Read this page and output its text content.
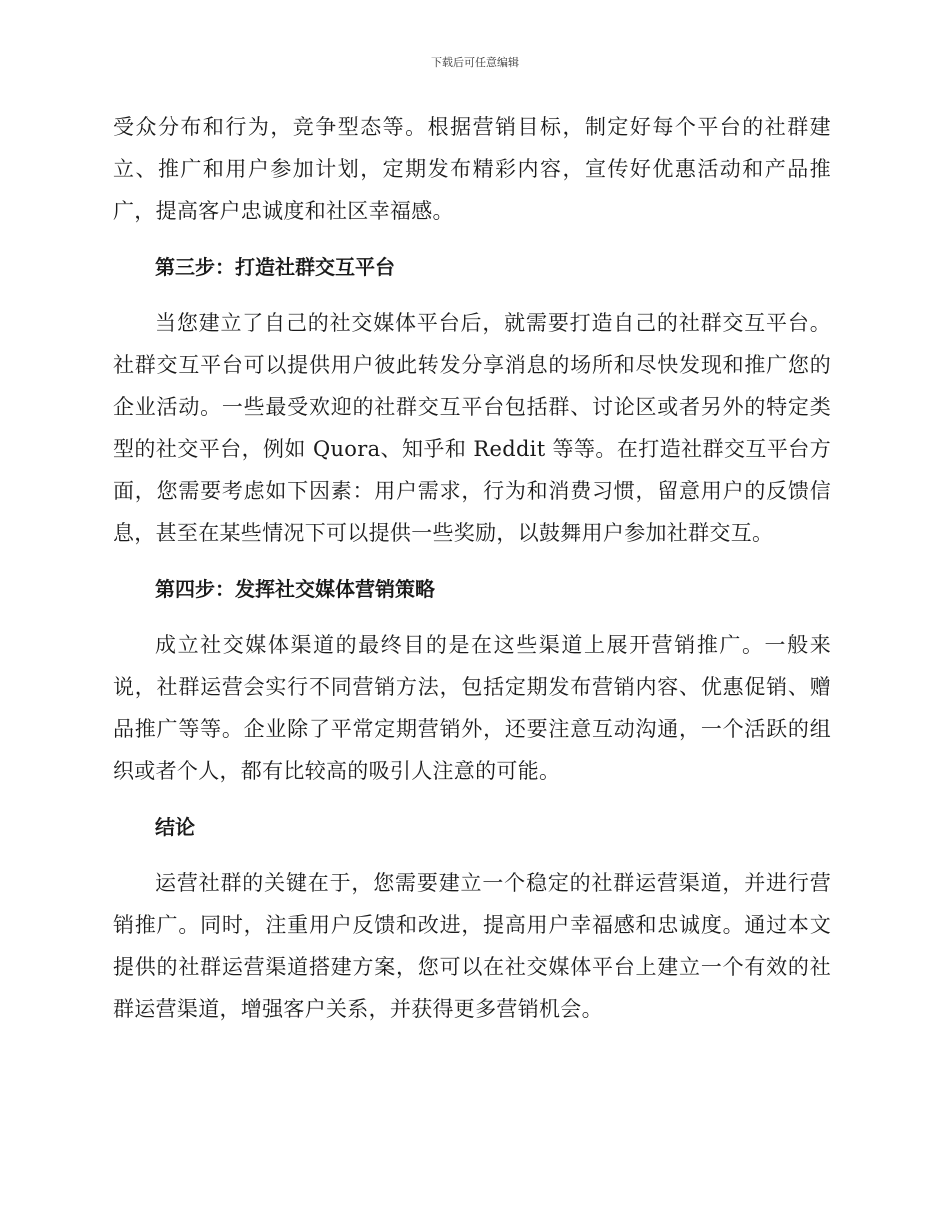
下载后可任意编辑

受众分布和行为，竞争型态等。根据营销目标，制定好每个平台的社群建立、推广和用户参加计划，定期发布精彩内容，宣传好优惠活动和产品推广，提高客户忠诚度和社区幸福感。

第三步：打造社群交互平台

当您建立了自己的社交媒体平台后，就需要打造自己的社群交互平台。社群交互平台可以提供用户彼此转发分享消息的场所和尽快发现和推广您的企业活动。一些最受欢迎的社群交互平台包括群、讨论区或者另外的特定类型的社交平台，例如 Quora、知乎和 Reddit 等等。在打造社群交互平台方面，您需要考虑如下因素：用户需求，行为和消费习惯，留意用户的反馈信息，甚至在某些情况下可以提供一些奖励，以鼓舞用户参加社群交互。

第四步：发挥社交媒体营销策略

成立社交媒体渠道的最终目的是在这些渠道上展开营销推广。一般来说，社群运营会实行不同营销方法，包括定期发布营销内容、优惠促销、赠品推广等等。企业除了平常定期营销外，还要注意互动沟通，一个活跃的组织或者个人，都有比较高的吸引人注意的可能。

结论

运营社群的关键在于，您需要建立一个稳定的社群运营渠道，并进行营销推广。同时，注重用户反馈和改进，提高用户幸福感和忠诚度。通过本文提供的社群运营渠道搭建方案，您可以在社交媒体平台上建立一个有效的社群运营渠道，增强客户关系，并获得更多营销机会。
